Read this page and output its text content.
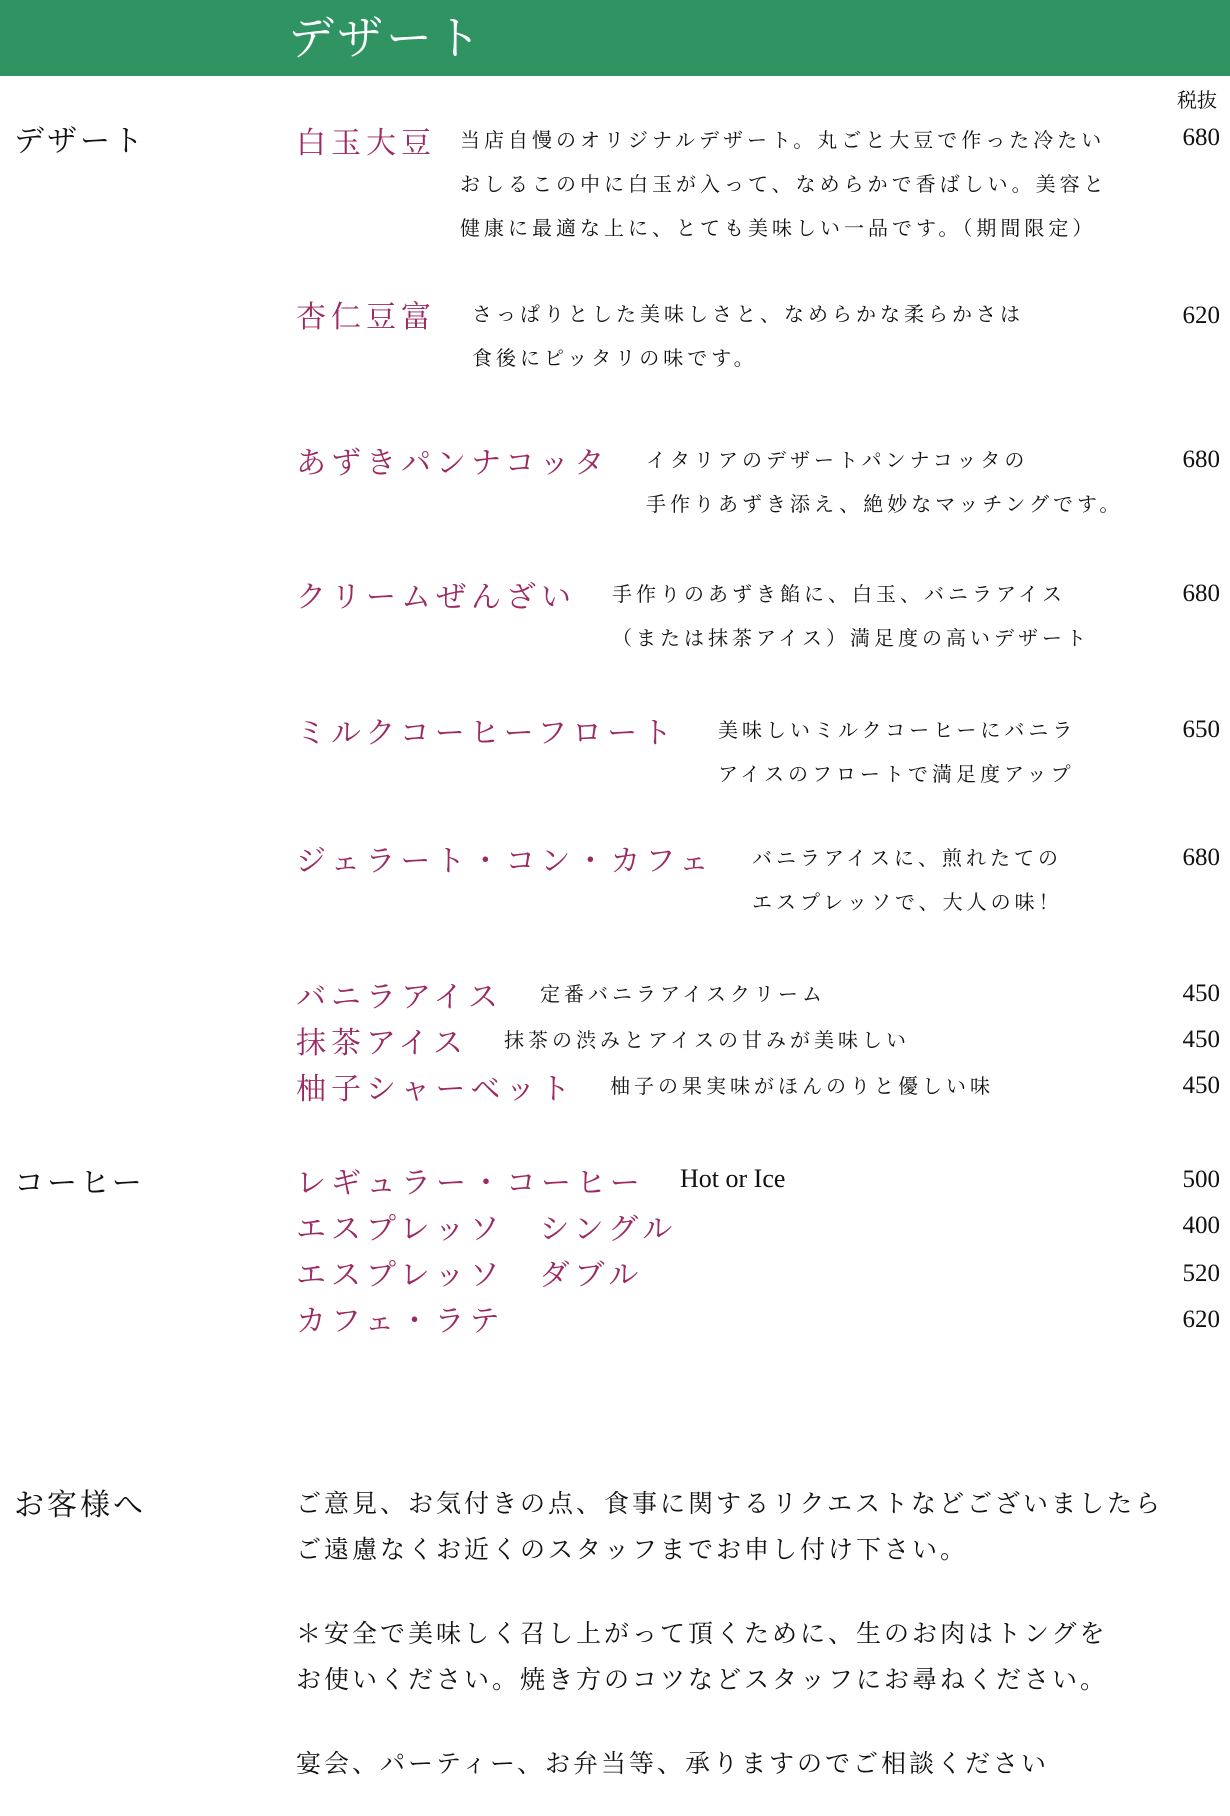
デザート
税抜
デザート	白玉大豆 当店自慢のオリジナルデザート。丸ごと大豆で作った冷たい
おしるこの中に白玉が入って、なめらかで香ばしい。美容と
健康に最適な上に、とても美味しい一品です。（期間限定）
680
杏仁豆富 さっぱりとした美味しさと、なめらかな柔らかさは
食後にピッタリの味です。
620
あずきパンナコッタ イタリアのデザートパンナコッタの
手作りあずき添え、絶妙なマッチングです。
680
クリームぜんざい 手作りのあずき餡に、白玉、バニラアイス
（または抹茶アイス）満足度の高いデザート
680
ミルクコーヒーフロート 美味しいミルクコーヒーにバニラ
アイスのフロートで満足度アップ
650
ジェラート・コン・カフェ バニラアイスに、煎れたての
エスプレッソで、大人の味！
680
バニラアイス 定番バニラアイスクリーム	450
抹茶アイス 抹茶の渋みとアイスの甘みが美味しい	450
柚子シャーベット 柚子の果実味がほんのりと優しい味	450
コーヒー	レギュラー・コーヒー Hot or Ice	500
エスプレッソ　シングル	400
エスプレッソ　ダブル	520
カフェ・ラテ	620
お客様へ	ご意見、お気付きの点、食事に関するリクエストなどございましたら
ご遠慮なくお近くのスタッフまでお申し付け下さい。
＊安全で美味しく召し上がって頂くために、生のお肉はトングを
お使いください。焼き方のコツなどスタッフにお尋ねください。
宴会、パーティー、お弁当等、承りますのでご相談ください
